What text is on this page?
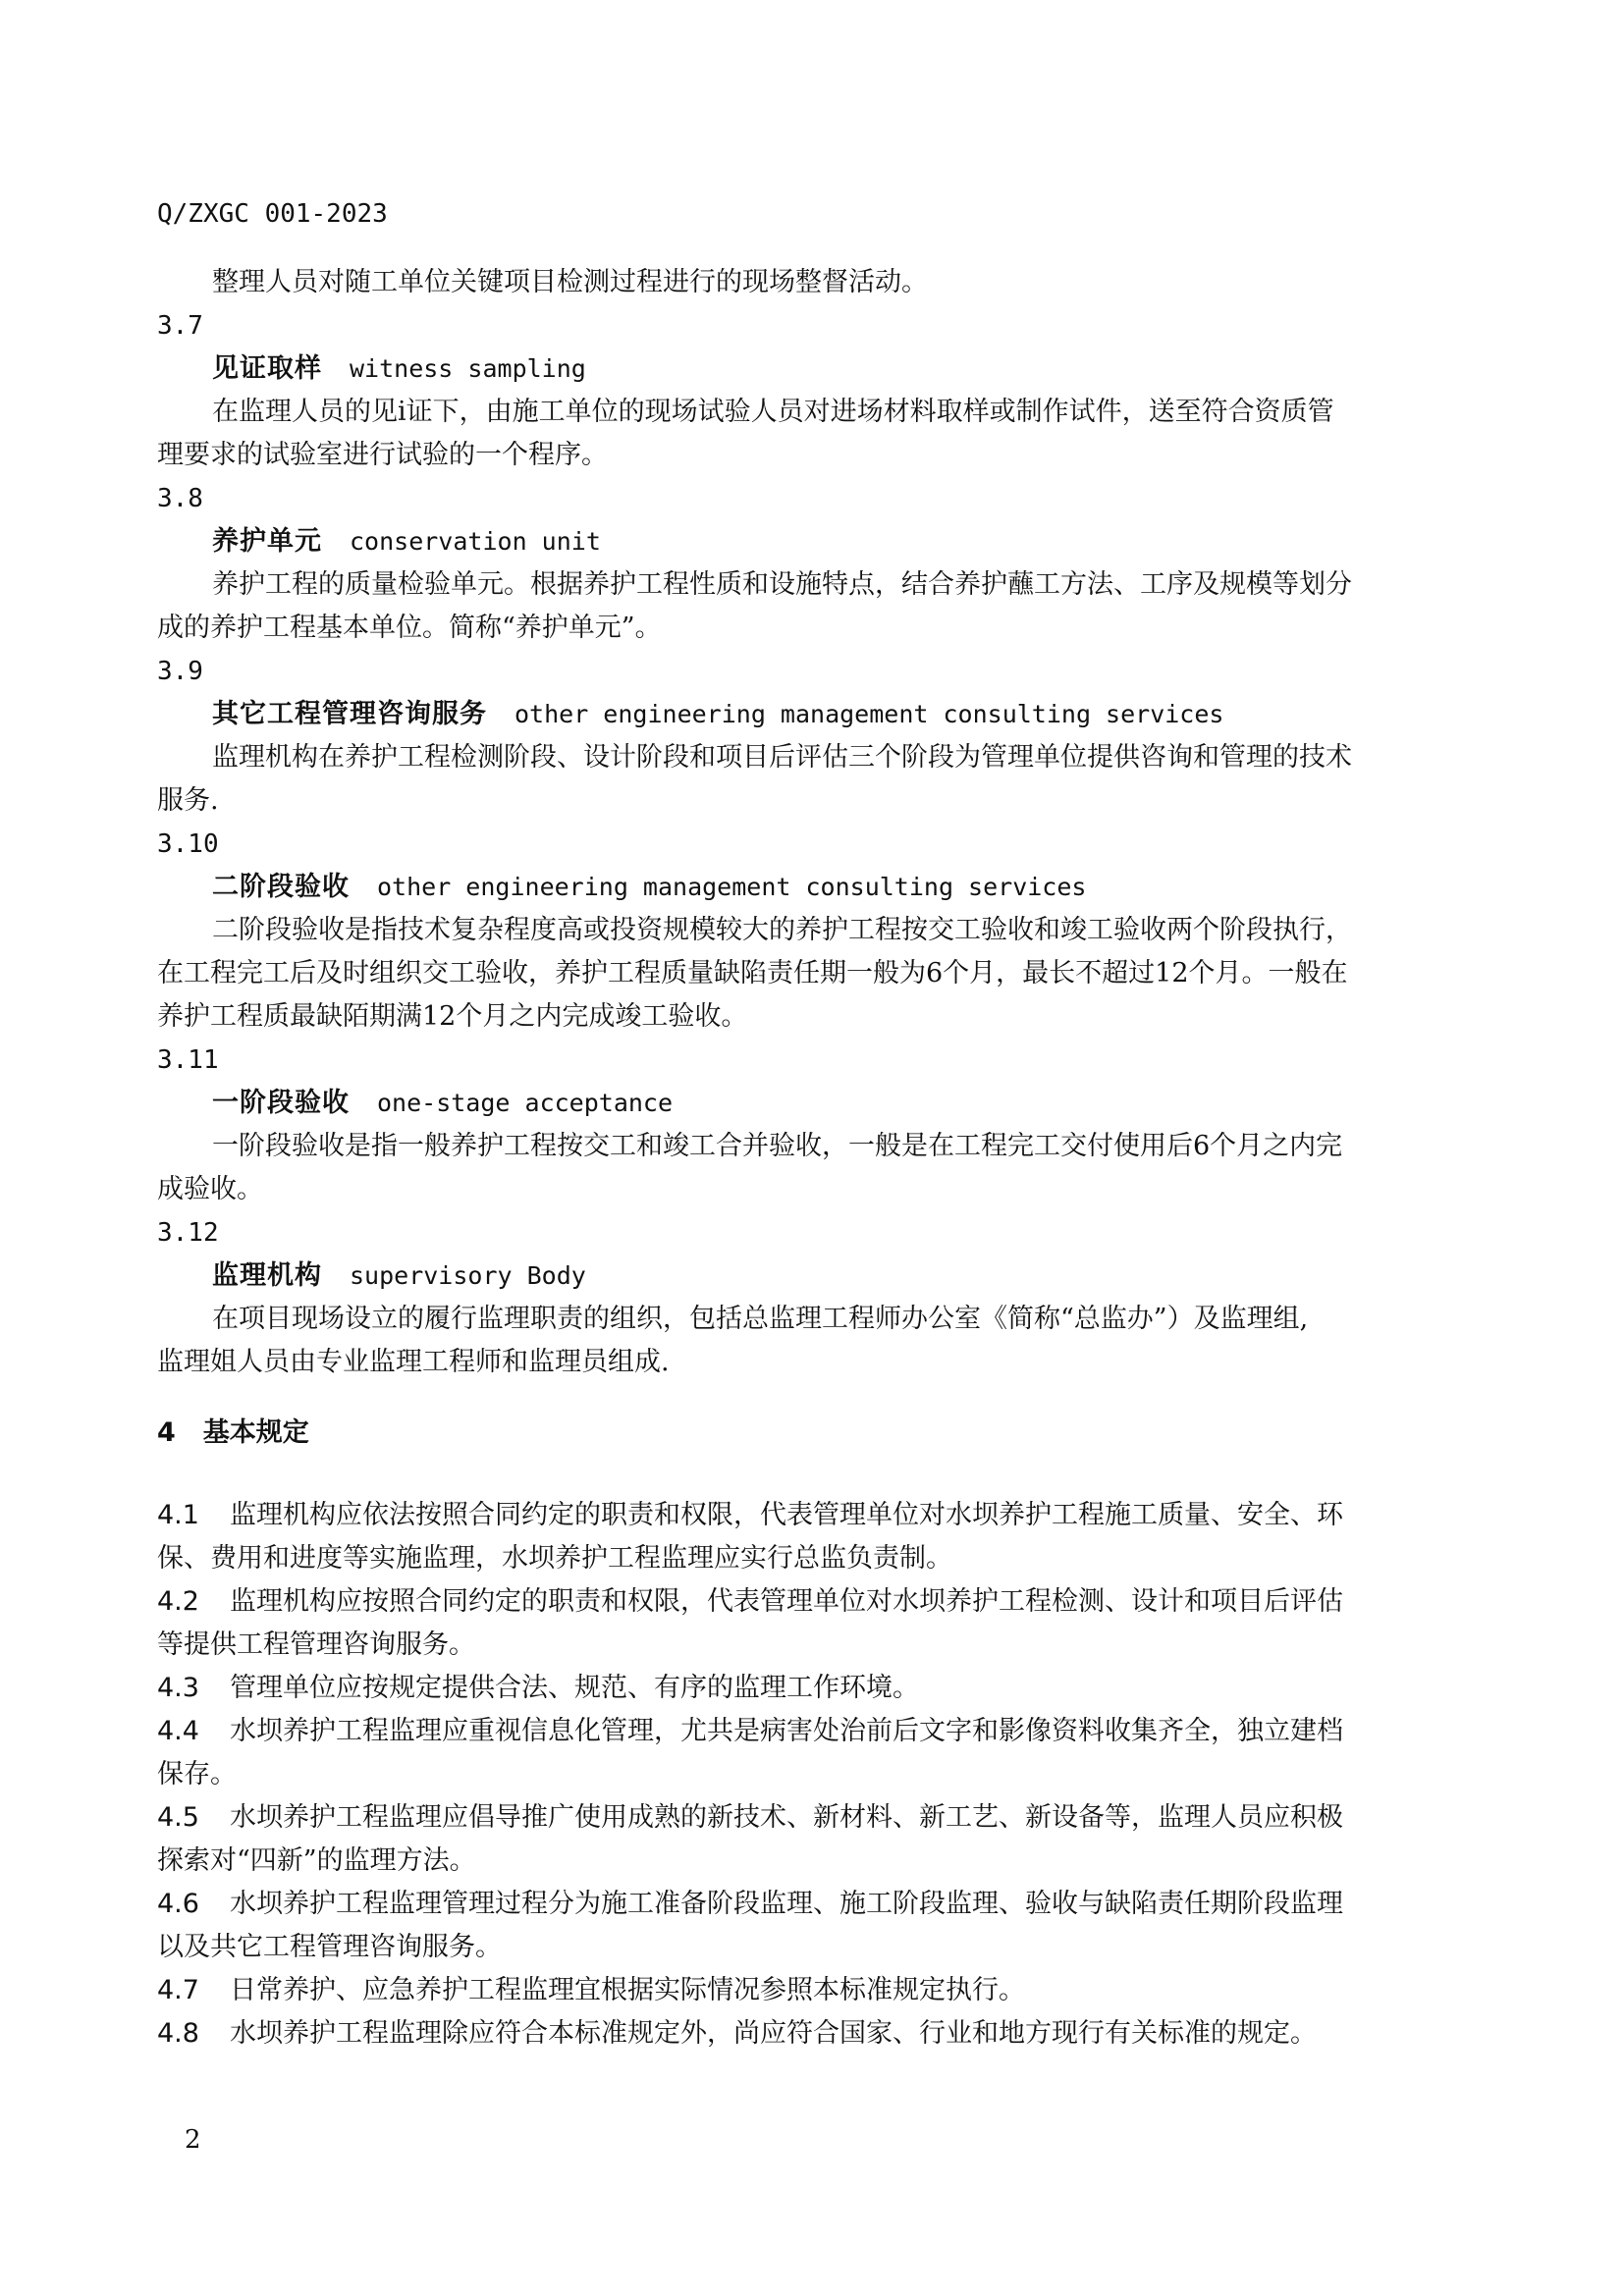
Q/ZXGC 001-2023
整理人员对随工单位关键项目检测过程进行的现场整督活动。
3.7
见证取样 witness sampling
在监理人员的见i证下，由施工单位的现场试验人员对进场材料取样或制作试件，送至符合资质管
理要求的试验室进行试验的一个程序。
3.8
养护单元 conservation unit
养护工程的质量检验单元。根据养护工程性质和设施特点，结合养护蘸工方法、工序及规模等划分
成的养护工程基本单位。简称“养护单元”。
3.9
其它工程管理咨询服务 other engineering management consulting services
监理机构在养护工程检测阶段、设计阶段和项目后评估三个阶段为管理单位提供咨询和管理的技术
服务.
3.10
二阶段验收 other engineering management consulting services
二阶段验收是指技术复杂程度高或投资规模较大的养护工程按交工验收和竣工验收两个阶段执行，
在工程完工后及时组织交工验收，养护工程质量缺陷责任期一般为6个月，最长不超过12个月。一般在
养护工程质最缺陌期满12个月之内完成竣工验收。
3.11
一阶段验收 one-stage acceptance
一阶段验收是指一般养护工程按交工和竣工合并验收，一般是在工程完工交付使用后6个月之内完
成验收。
3.12
监理机构 supervisory Body
在项目现场设立的履行监理职责的组织，包括总监理工程师办公室《简称“总监办”）及监理组,
监理姐人员由专业监理工程师和监理员组成.
4 基本规定
4.1 监理机构应依法按照合同约定的职责和权限，代表管理单位对水坝养护工程施工质量、安全、环
保、费用和进度等实施监理，水坝养护工程监理应实行总监负责制。
4.2 监理机构应按照合同约定的职责和权限，代表管理单位对水坝养护工程检测、设计和项目后评估
等提供工程管理咨询服务。
4.3 管理单位应按规定提供合法、规范、有序的监理工作环境。
4.4 水坝养护工程监理应重视信息化管理，尤共是病害处治前后文字和影像资料收集齐全，独立建档
保存。
4.5 水坝养护工程监理应倡导推广使用成熟的新技术、新材料、新工艺、新设备等，监理人员应积极
探索对“四新”的监理方法。
4.6 水坝养护工程监理管理过程分为施工准备阶段监理、施工阶段监理、验收与缺陷责任期阶段监理
以及共它工程管理咨询服务。
4.7 日常养护、应急养护工程监理宜根据实际情况参照本标准规定执行。
4.8 水坝养护工程监理除应符合本标准规定外，尚应符合国家、行业和地方现行有关标准的规定。
2
